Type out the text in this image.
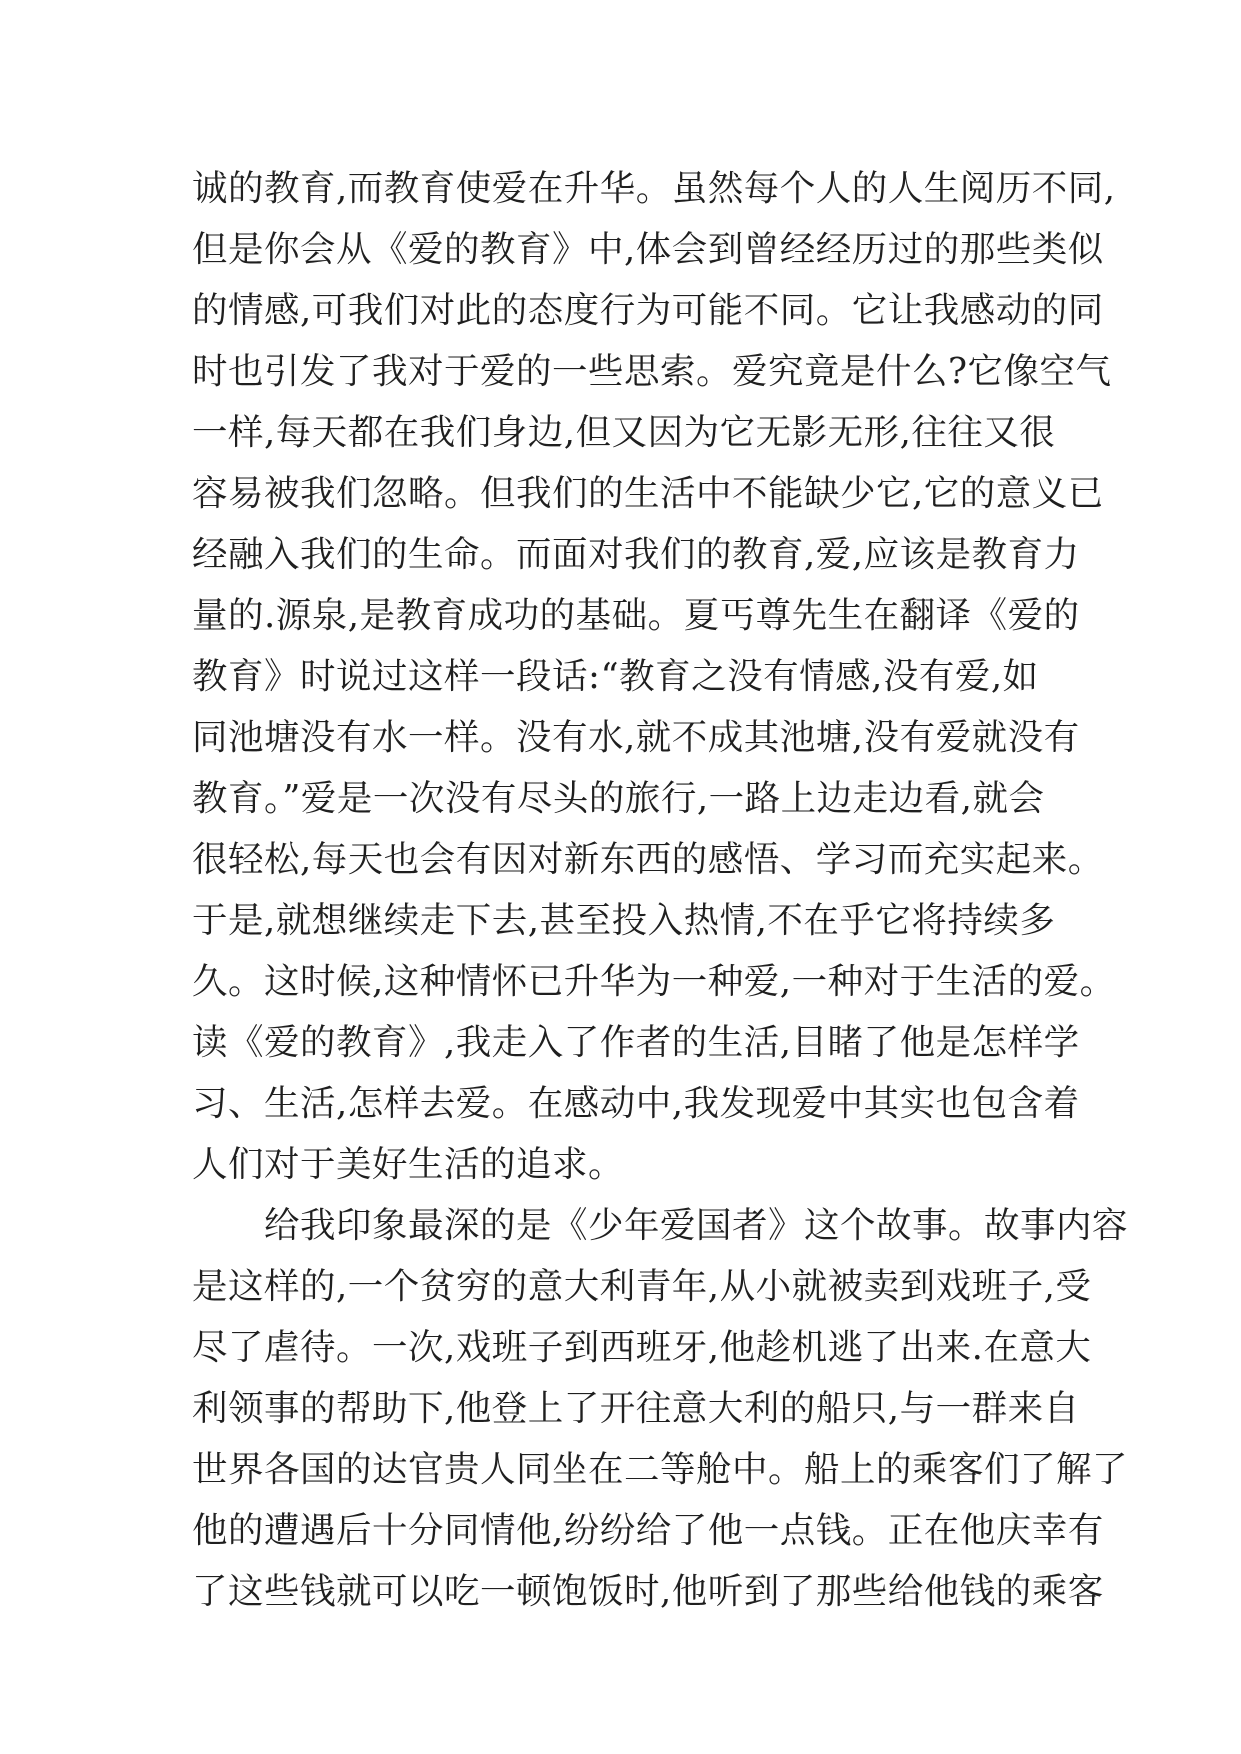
诚的教育,而教育使爱在升华。虽然每个人的人生阅历不同,
但是你会从《爱的教育》中,体会到曾经经历过的那些类似
的情感,可我们对此的态度行为可能不同。它让我感动的同
时也引发了我对于爱的一些思索。爱究竟是什么?它像空气
一样,每天都在我们身边,但又因为它无影无形,往往又很
容易被我们忽略。但我们的生活中不能缺少它,它的意义已
经融入我们的生命。而面对我们的教育,爱,应该是教育力
量的.源泉,是教育成功的基础。夏丐尊先生在翻译《爱的
教育》时说过这样一段话:“教育之没有情感,没有爱,如
同池塘没有水一样。没有水,就不成其池塘,没有爱就没有
教育。”爱是一次没有尽头的旅行,一路上边走边看,就会
很轻松,每天也会有因对新东西的感悟、学习而充实起来。
于是,就想继续走下去,甚至投入热情,不在乎它将持续多
久。这时候,这种情怀已升华为一种爱,一种对于生活的爱。
读《爱的教育》,我走入了作者的生活,目睹了他是怎样学
习、生活,怎样去爱。在感动中,我发现爱中其实也包含着
人们对于美好生活的追求。
给我印象最深的是《少年爱国者》这个故事。故事内容
是这样的,一个贫穷的意大利青年,从小就被卖到戏班子,受
尽了虐待。一次,戏班子到西班牙,他趁机逃了出来.在意大
利领事的帮助下,他登上了开往意大利的船只,与一群来自
世界各国的达官贵人同坐在二等舱中。船上的乘客们了解了
他的遭遇后十分同情他,纷纷给了他一点钱。正在他庆幸有
了这些钱就可以吃一顿饱饭时,他听到了那些给他钱的乘客
